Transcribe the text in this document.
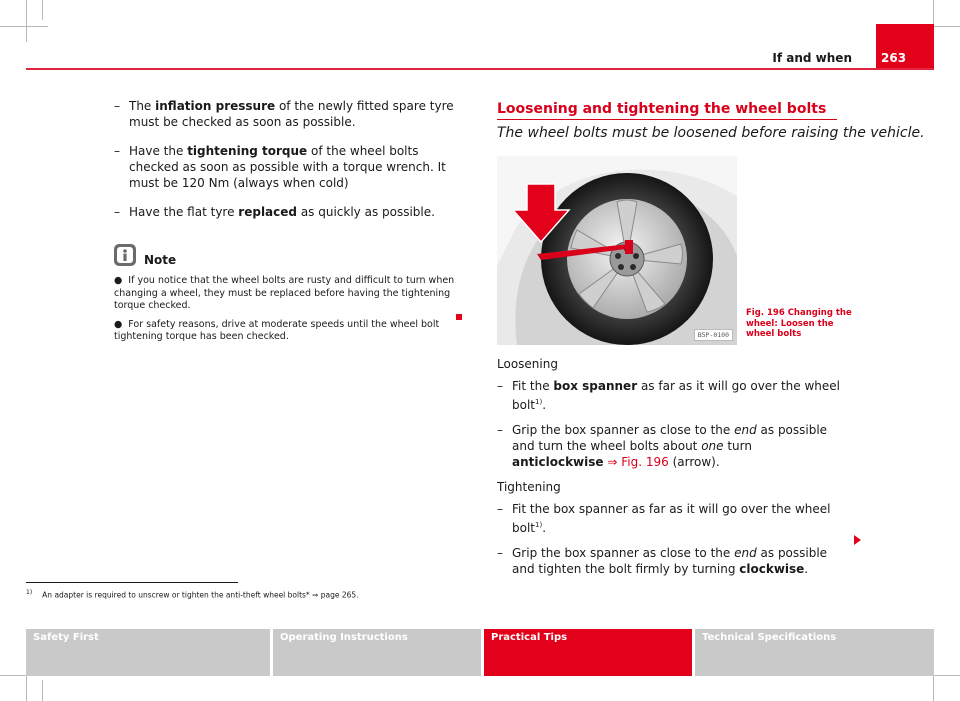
If and when	263
– The inflation pressure of the newly fitted spare tyre must be checked as soon as possible.
– Have the tightening torque of the wheel bolts checked as soon as possible with a torque wrench. It must be 120 Nm (always when cold)
– Have the flat tyre replaced as quickly as possible.
Note
● If you notice that the wheel bolts are rusty and difficult to turn when changing a wheel, they must be replaced before having the tightening torque checked.
● For safety reasons, drive at moderate speeds until the wheel bolt tightening torque has been checked.
Loosening and tightening the wheel bolts
The wheel bolts must be loosened before raising the vehicle.
B5P-0100
Fig. 196 Changing the wheel: Loosen the wheel bolts
Loosening
– Fit the box spanner as far as it will go over the wheel bolt$^{1)}$.
– Grip the box spanner as close to the end as possible and turn the wheel bolts about one turn anticlockwise ⇒ Fig. 196 (arrow).
Tightening
– Fit the box spanner as far as it will go over the wheel bolt$^{1)}$.
– Grip the box spanner as close to the end as possible and tighten the bolt firmly by turning clockwise.
$^{1)}$ An adapter is required to unscrew or tighten the anti-theft wheel bolts* ⇒ page 265.
Safety First	Operating Instructions	Practical Tips	Technical Specifications
